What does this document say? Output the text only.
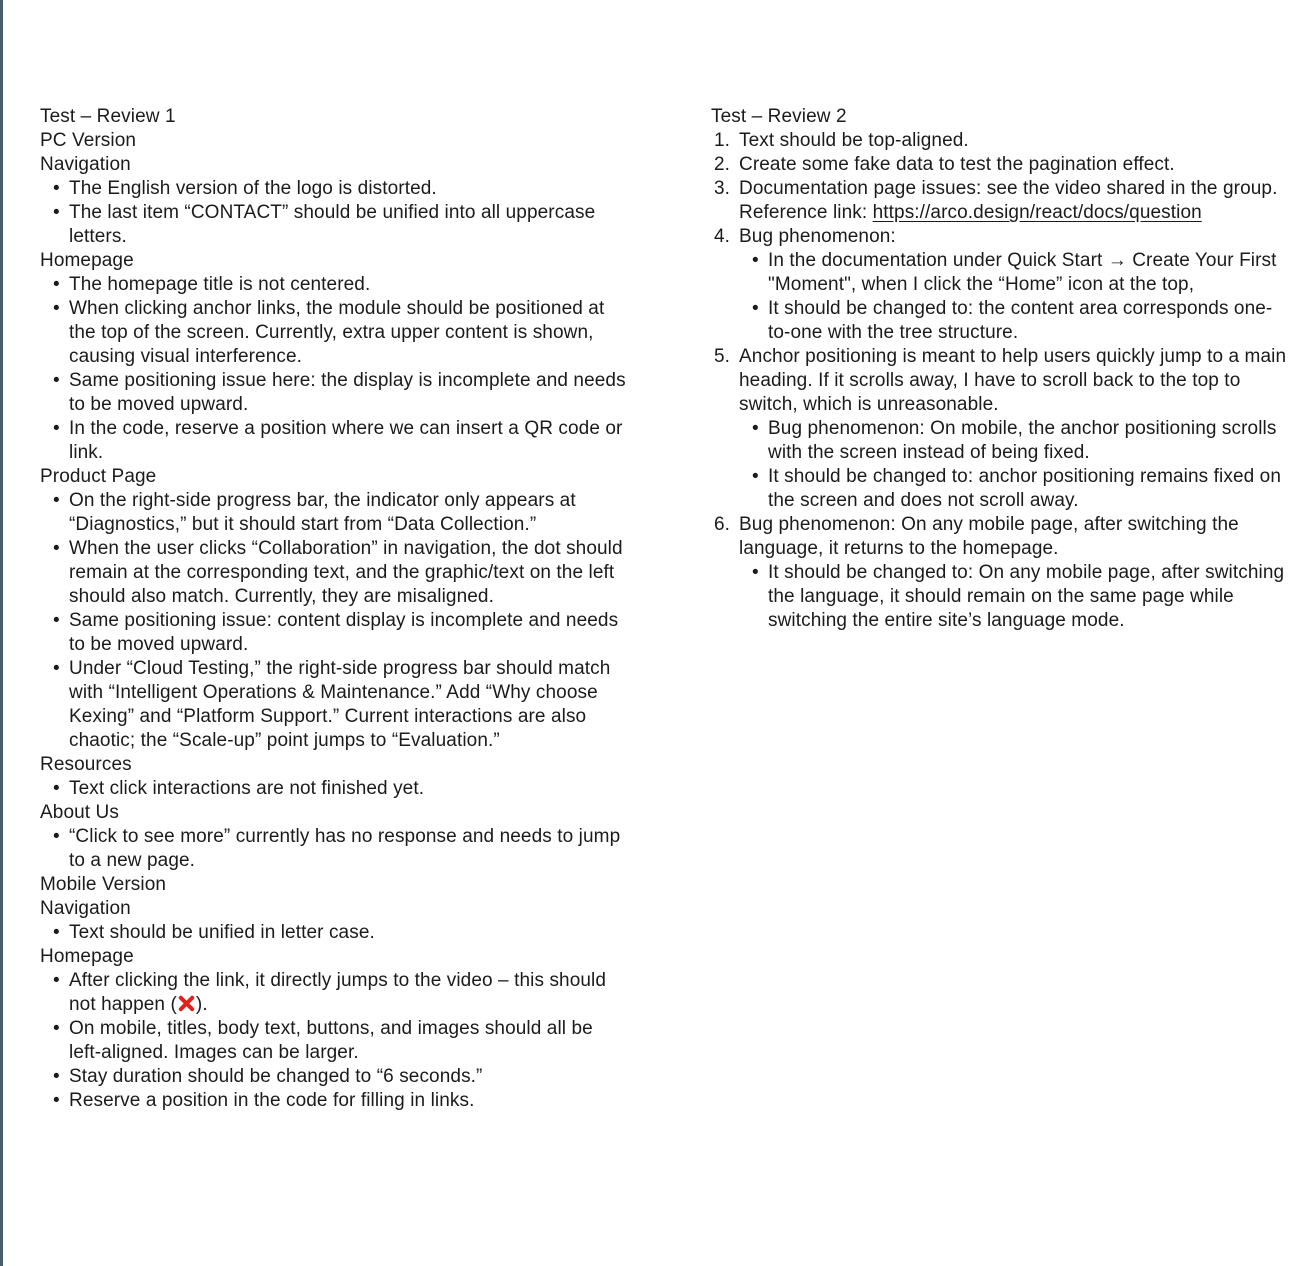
Test – Review 1
PC Version
Navigation
• The English version of the logo is distorted.
• The last item “CONTACT” should be unified into all uppercase letters.
Homepage
• The homepage title is not centered.
• When clicking anchor links, the module should be positioned at the top of the screen. Currently, extra upper content is shown, causing visual interference.
• Same positioning issue here: the display is incomplete and needs to be moved upward.
• In the code, reserve a position where we can insert a QR code or link.
Product Page
• On the right-side progress bar, the indicator only appears at “Diagnostics,” but it should start from “Data Collection.”
• When the user clicks “Collaboration” in navigation, the dot should remain at the corresponding text, and the graphic/text on the left should also match. Currently, they are misaligned.
• Same positioning issue: content display is incomplete and needs to be moved upward.
• Under “Cloud Testing,” the right-side progress bar should match with “Intelligent Operations & Maintenance.” Add “Why choose Kexing” and “Platform Support.” Current interactions are also chaotic; the “Scale-up” point jumps to “Evaluation.”
Resources
• Text click interactions are not finished yet.
About Us
• “Click to see more” currently has no response and needs to jump to a new page.
Mobile Version
Navigation
• Text should be unified in letter case.
Homepage
• After clicking the link, it directly jumps to the video – this should not happen ( ).
• On mobile, titles, body text, buttons, and images should all be left-aligned. Images can be larger.
• Stay duration should be changed to “6 seconds.”
• Reserve a position in the code for filling in links.
Test – Review 2
1. Text should be top-aligned.
2. Create some fake data to test the pagination effect.
3. Documentation page issues: see the video shared in the group. Reference link: https://arco.design/react/docs/question
4. Bug phenomenon:
• In the documentation under Quick Start → Create Your First "Moment", when I click the “Home” icon at the top,
• It should be changed to: the content area corresponds one-to-one with the tree structure.
5. Anchor positioning is meant to help users quickly jump to a main heading. If it scrolls away, I have to scroll back to the top to switch, which is unreasonable.
• Bug phenomenon: On mobile, the anchor positioning scrolls with the screen instead of being fixed.
• It should be changed to: anchor positioning remains fixed on the screen and does not scroll away.
6. Bug phenomenon: On any mobile page, after switching the language, it returns to the homepage.
• It should be changed to: On any mobile page, after switching the language, it should remain on the same page while switching the entire site’s language mode.
